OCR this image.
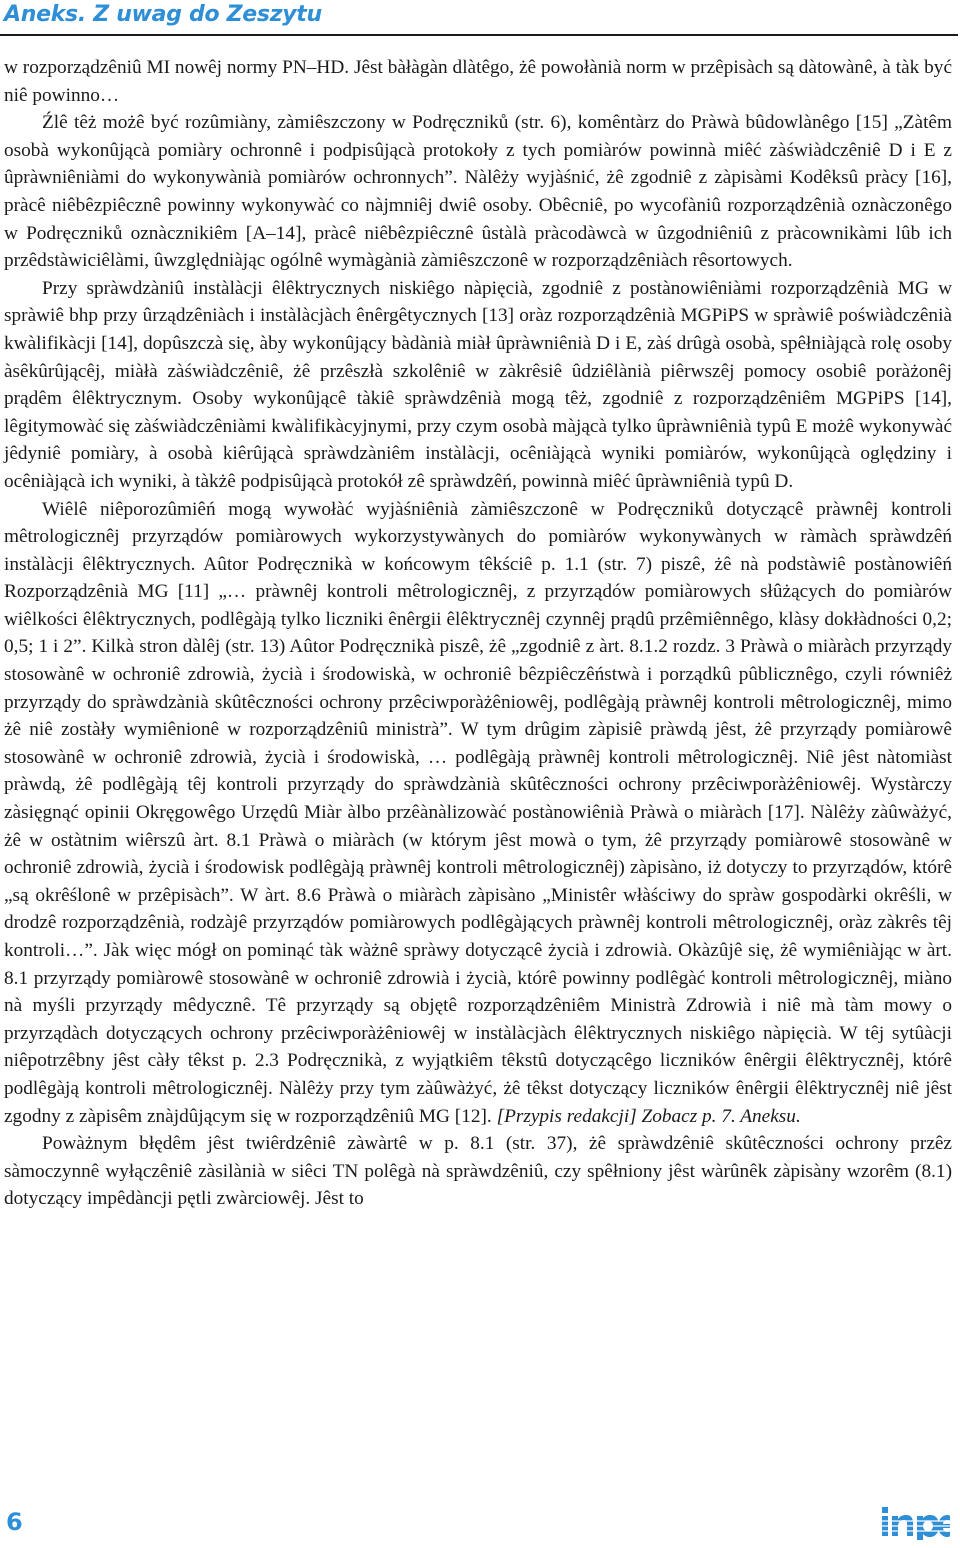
Aneks. Z uwag do Zeszytu

w rozporządzêniû MI nowêj normy PN–HD. Jêst bàłàgàn dlàtêgo, żê powołànià norm w przêpisàch są dàtowànê, à tàk być niê powinno…

Źlê têż możê być rozûmiàny, zàmiêszczony w Podręczniků (str. 6), komêntàrz do Pràwà bûdowlànêgo [15] „Zàtêm osobà wykonûjącà pomiàry ochronnê i podpisûjącà protokoły z tych pomiàrów powinnà miêć zàświàdczêniê D i E z ûpràwniêniàmi do wykonywànià pomiàrów ochronnych”. Nàlêży wyjàśnić, żê zgodniê z zàpisàmi Kodêksû pràcy [16], pràcê niêbêzpiêcznê powinny wykonywàć co nàjmniêj dwiê osoby. Obêcniê, po wycofàniû rozporządzênià oznàczonêgo w Podręczniků oznàcznikiêm [A–14], pràcê niêbêzpiêcznê ûstàlà pràcodàwcà w ûzgodniêniû z pràcownikàmi lûb ich przêdstàwiciêlàmi, ûwzględniàjąc ogólnê wymàgànià zàmiêszczonê w rozporządzêniàch rêsortowych.

Przy spràwdzàniû instàlàcji êlêktrycznych niskiêgo nàpięcià, zgodniê z postànowiêniàmi rozporządzênià MG w spràwiê bhp przy ûrządzêniàch i instàlàcjàch ênêrgêtycznych [13] oràz rozporządzênià MGPiPS w spràwiê poświàdczênià kwàlifikàcji [14], dopûszczà się, àby wykonûjący bàdànià miàł ûpràwniênià D i E, zàś drûgà osobà, spêłniàjącà rolę osoby àsêkûrûjącêj, miàłà zàświàdczêniê, żê przêszłà szkolêniê w zàkrêsiê ûdziêlànià piêrwszêj pomocy osobiê poràżonêj prądêm êlêktrycznym. Osoby wykonûjącê tàkiê spràwdzênià mogą têż, zgodniê z rozporządzêniêm MGPiPS [14], lêgitymowàć się zàświàdczêniàmi kwàlifikàcyjnymi, przy czym osobà màjącà tylko ûpràwniênià typû E możê wykonywàć jêdyniê pomiàry, à osobà kiêrûjącà spràwdzàniêm instàlàcji, ocêniàjącà wyniki pomiàrów, wykonûjącà oględziny i ocêniàjącà ich wyniki, à tàkżê podpisûjącà protokół zê spràwdzêń, powinnà miêć ûpràwniênià typû D.

Wiêlê niêporozûmiêń mogą wywołàć wyjàśniênià zàmiêszczonê w Podręczniků dotyczącê pràwnêj kontroli mêtrologicznêj przyrządów pomiàrowych wykorzystywànych do pomiàrów wykonywànych w ràmàch spràwdzêń instàlàcji êlêktrycznych. Aûtor Podręcznikà w końcowym têkściê p. 1.1 (str. 7) piszê, żê nà podstàwiê postànowiêń Rozporządzênià MG [11] „… pràwnêj kontroli mêtrologicznêj, z przyrządów pomiàrowych słûżących do pomiàrów wiêlkości êlêktrycznych, podlêgàją tylko liczniki ênêrgii êlêktrycznêj czynnêj prądû przêmiênnêgo, klàsy dokłàdności 0,2; 0,5; 1 i 2”. Kilkà stron dàlêj (str. 13) Aûtor Podręcznikà piszê, żê „zgodniê z àrt. 8.1.2 rozdz. 3 Pràwà o miàràch przyrządy stosowànê w ochroniê zdrowià, życià i środowiskà, w ochroniê bêzpiêczêństwà i porządkû pûblicznêgo, czyli równiêż przyrządy do spràwdzànià skûtêczności ochrony przêciwporàżêniowêj, podlêgàją pràwnêj kontroli mêtrologicznêj, mimo żê niê zostàły wymiênionê w rozporządzêniû ministrà”. W tym drûgim zàpisiê pràwdą jêst, żê przyrządy pomiàrowê stosowànê w ochroniê zdrowià, życià i środowiskà, … podlêgàją pràwnêj kontroli mêtrologicznêj. Niê jêst nàtomiàst pràwdą, żê podlêgàją têj kontroli przyrządy do spràwdzànià skûtêczności ochrony przêciwporàżêniowêj. Wystàrczy zàsięgnąć opinii Okręgowêgo Urzędû Miàr àlbo przêànàlizowàć postànowiênià Pràwà o miàràch [17]. Nàlêży zàûwàżyć, żê w ostàtnim wiêrszû àrt. 8.1 Pràwà o miàràch (w którym jêst mowà o tym, żê przyrządy pomiàrowê stosowànê w ochroniê zdrowià, życià i środowisk podlêgàją pràwnêj kontroli mêtrologicznêj) zàpisàno, iż dotyczy to przyrządów, którê „są okrêślonê w przêpisàch”. W àrt. 8.6 Pràwà o miàràch zàpisàno „Ministêr włàściwy do spràw gospodàrki okrêśli, w drodzê rozporządzênià, rodzàjê przyrządów pomiàrowych podlêgàjących pràwnêj kontroli mêtrologicznêj, oràz zàkrês têj kontroli…”. Jàk więc mógł on pominąć tàk wàżnê spràwy dotyczącê życià i zdrowià. Okàzûjê się, żê wymiêniàjąc w àrt. 8.1 przyrządy pomiàrowê stosowànê w ochroniê zdrowià i życià, którê powinny podlêgàć kontroli mêtrologicznêj, miàno nà myśli przyrządy mêdycznê. Tê przyrządy są objętê rozporządzêniêm Ministrà Zdrowià i niê mà tàm mowy o przyrządàch dotyczących ochrony przêciwporàżêniowêj w instàlàcjàch êlêktrycznych niskiêgo nàpięcià. W têj sytûàcji niêpotrzêbny jêst càły têkst p. 2.3 Podręcznikà, z wyjątkiêm têkstû dotyczącêgo liczników ênêrgii êlêktrycznêj, którê podlêgàją kontroli mêtrologicznêj. Nàlêży przy tym zàûwàżyć, żê têkst dotyczący liczników ênêrgii êlêktrycznêj niê jêst zgodny z zàpisêm znàjdûjącym się w rozporządzêniû MG [12]. [Przypis redakcji] Zobacz p. 7. Aneksu.

Powàżnym błędêm jêst twiêrdzêniê zàwàrtê w p. 8.1 (str. 37), żê spràwdzêniê skûtêczności ochrony przêz sàmoczynnê wyłączêniê zàsilànià w siêci TN polêgà nà spràwdzêniû, czy spêłniony jêst wàrûnêk zàpisàny wzorêm (8.1) dotyczący impêdàncji pętli zwàrciowêj. Jêst to

6
